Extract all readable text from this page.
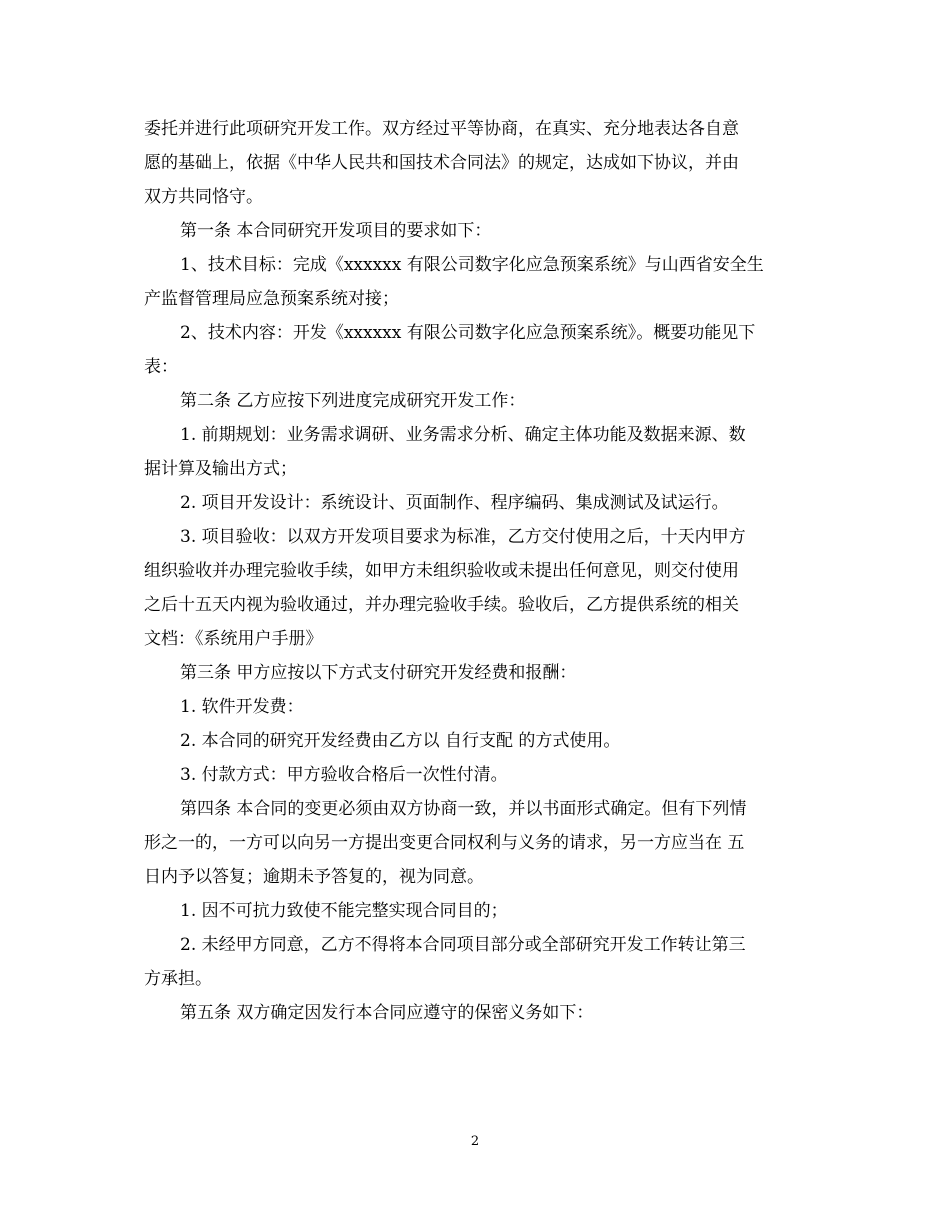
委托并进行此项研究开发工作。双方经过平等协商，在真实、充分地表达各自意
愿的基础上，依据《中华人民共和国技术合同法》的规定，达成如下协议，并由
双方共同恪守。
第一条 本合同研究开发项目的要求如下：
1、技术目标：完成《xxxxxx 有限公司数字化应急预案系统》与山西省安全生
产监督管理局应急预案系统对接；
2、技术内容：开发《xxxxxx 有限公司数字化应急预案系统》。概要功能见下
表：
第二条 乙方应按下列进度完成研究开发工作：
1. 前期规划：业务需求调研、业务需求分析、确定主体功能及数据来源、数
据计算及输出方式；
2. 项目开发设计：系统设计、页面制作、程序编码、集成测试及试运行。
3. 项目验收：以双方开发项目要求为标准，乙方交付使用之后，十天内甲方
组织验收并办理完验收手续，如甲方未组织验收或未提出任何意见，则交付使用
之后十五天内视为验收通过，并办理完验收手续。验收后，乙方提供系统的相关
文档：《系统用户手册》
第三条 甲方应按以下方式支付研究开发经费和报酬：
1. 软件开发费：
2. 本合同的研究开发经费由乙方以 自行支配 的方式使用。
3. 付款方式：甲方验收合格后一次性付清。
第四条 本合同的变更必须由双方协商一致，并以书面形式确定。但有下列情
形之一的，一方可以向另一方提出变更合同权利与义务的请求，另一方应当在 五
日内予以答复；逾期未予答复的，视为同意。
1. 因不可抗力致使不能完整实现合同目的；
2. 未经甲方同意，乙方不得将本合同项目部分或全部研究开发工作转让第三
方承担。
第五条 双方确定因发行本合同应遵守的保密义务如下：
2
